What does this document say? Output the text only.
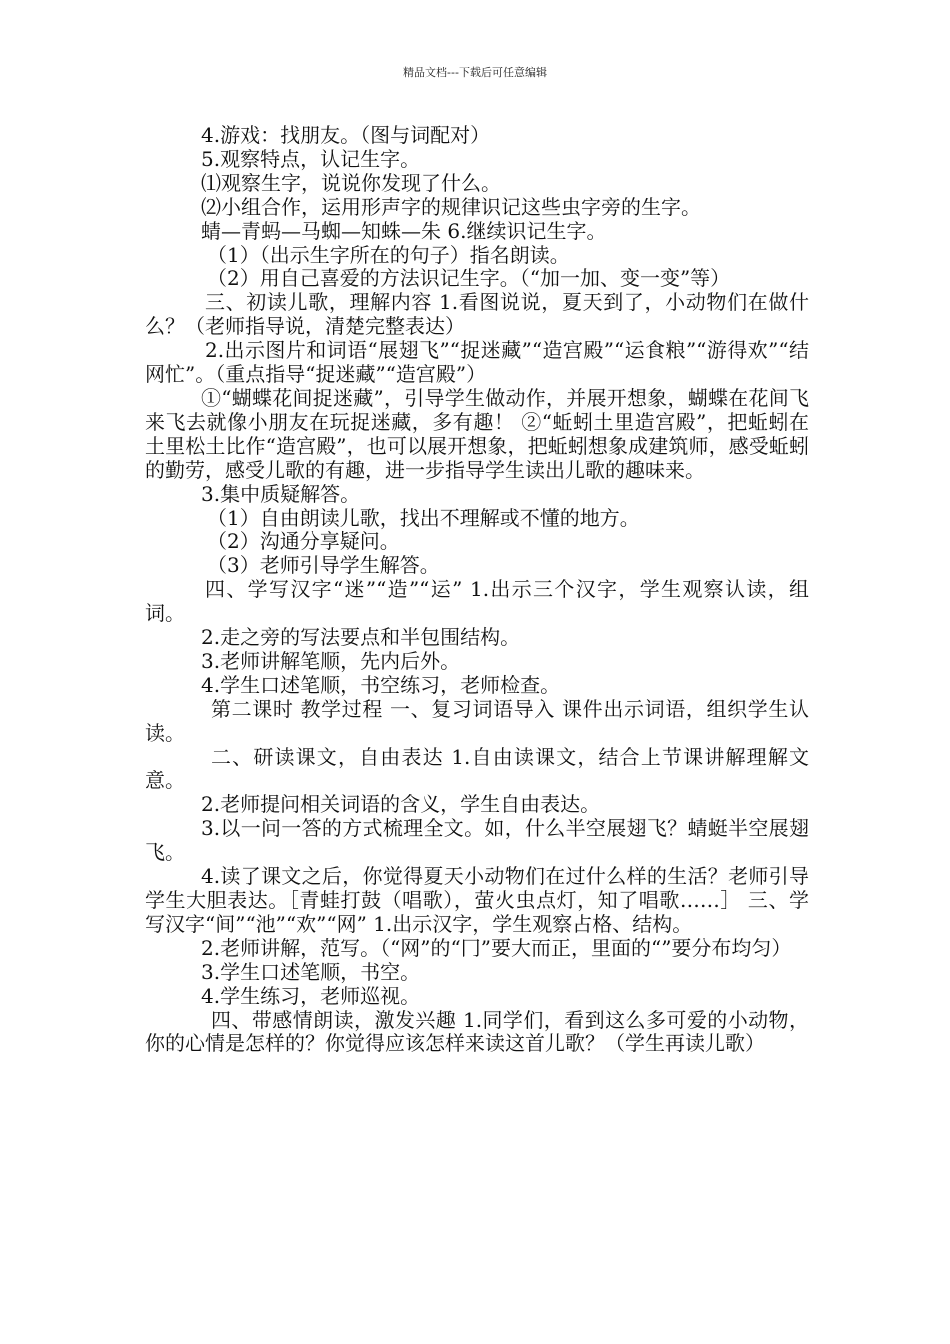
精品文档---下载后可任意编辑

4.游戏：找朋友。（图与词配对）

5.观察特点，认记生字。

⑴观察生字，说说你发现了什么。

⑵小组合作，运用形声字的规律识记这些虫字旁的生字。

蜻—青蚂—马蜘—知蛛—朱 6.继续识记生字。

（1）（出示生字所在的句子）指名朗读。

（2）用自己喜爱的方法识记生字。（“加一加、变一变”等）

三、初读儿歌，理解内容 1.看图说说，夏天到了，小动物们在做什么？（老师指导说，清楚完整表达）

2.出示图片和词语“展翅飞”“捉迷藏”“造宫殿”“运食粮”“游得欢”“结网忙”。（重点指导“捉迷藏”“造宫殿”）

①“蝴蝶花间捉迷藏”，引导学生做动作，并展开想象，蝴蝶在花间飞来飞去就像小朋友在玩捉迷藏，多有趣！ ②“蚯蚓土里造宫殿”，把蚯蚓在土里松土比作“造宫殿”，也可以展开想象，把蚯蚓想象成建筑师，感受蚯蚓的勤劳，感受儿歌的有趣，进一步指导学生读出儿歌的趣味来。

3.集中质疑解答。

（1）自由朗读儿歌，找出不理解或不懂的地方。

（2）沟通分享疑问。

（3）老师引导学生解答。

四、学写汉字“迷”“造”“运” 1.出示三个汉字，学生观察认读，组词。

2.走之旁的写法要点和半包围结构。

3.老师讲解笔顺，先内后外。

4.学生口述笔顺，书空练习，老师检查。

第二课时 教学过程 一、复习词语导入 课件出示词语，组织学生认读。

二、研读课文，自由表达 1.自由读课文，结合上节课讲解理解文意。

2.老师提问相关词语的含义，学生自由表达。

3.以一问一答的方式梳理全文。如，什么半空展翅飞？蜻蜓半空展翅飞。

4.读了课文之后，你觉得夏天小动物们在过什么样的生活？老师引导学生大胆表达。［青蛙打鼓（唱歌），萤火虫点灯，知了唱歌……］ 三、学写汉字“间”“池”“欢”“网” 1.出示汉字，学生观察占格、结构。

2.老师讲解，范写。（“网”的“冂”要大而正，里面的“”要分布均匀）

3.学生口述笔顺，书空。

4.学生练习，老师巡视。

四、带感情朗读，激发兴趣 1.同学们，看到这么多可爱的小动物，你的心情是怎样的？你觉得应该怎样来读这首儿歌？（学生再读儿歌）
